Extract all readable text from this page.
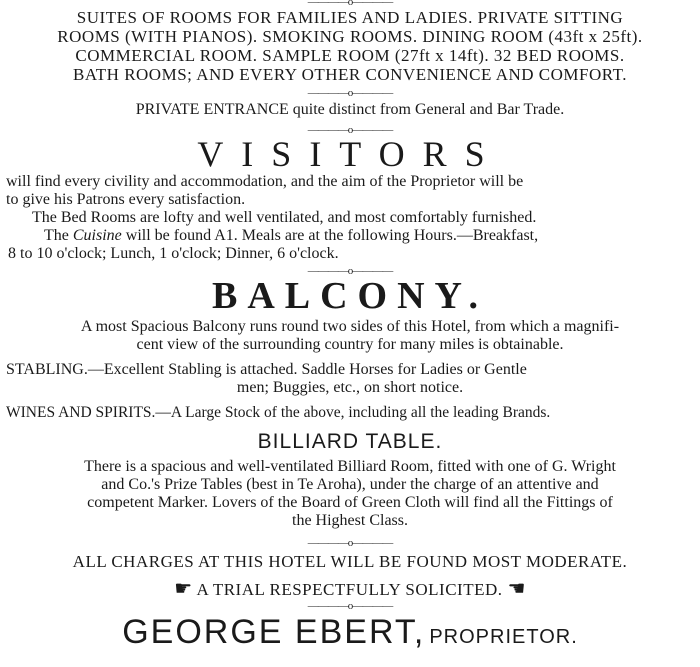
————o————
SUITES OF ROOMS FOR FAMILIES AND LADIES. PRIVATE SITTING
ROOMS (WITH PIANOS). SMOKING ROOMS. DINING ROOM (43ft x 25ft).
COMMERCIAL ROOM. SAMPLE ROOM (27ft x 14ft). 32 BED ROOMS.
BATH ROOMS; AND EVERY OTHER CONVENIENCE AND COMFORT.
————o————
PRIVATE ENTRANCE quite distinct from General and Bar Trade.
————o————
VISITORS
will find every civility and accommodation, and the aim of the Proprietor will be
to give his Patrons every satisfaction.
The Bed Rooms are lofty and well ventilated, and most comfortably furnished.
The Cuisine will be found A1. Meals are at the following Hours.—Breakfast,
8 to 10 o'clock; Lunch, 1 o'clock; Dinner, 6 o'clock.
————o————
BALCONY.
A most Spacious Balcony runs round two sides of this Hotel, from which a magnifi-
cent view of the surrounding country for many miles is obtainable.
STABLING.—Excellent Stabling is attached. Saddle Horses for Ladies or Gentle
men; Buggies, etc., on short notice.
WINES AND SPIRITS.—A Large Stock of the above, including all the leading Brands.
BILLIARD TABLE.
There is a spacious and well-ventilated Billiard Room, fitted with one of G. Wright
and Co.'s Prize Tables (best in Te Aroha), under the charge of an attentive and
competent Marker. Lovers of the Board of Green Cloth will find all the Fittings of
the Highest Class.
————o————
ALL CHARGES AT THIS HOTEL WILL BE FOUND MOST MODERATE.
☛ A TRIAL RESPECTFULLY SOLICITED. ☛
————o————
GEORGE EBERT, PROPRIETOR.
